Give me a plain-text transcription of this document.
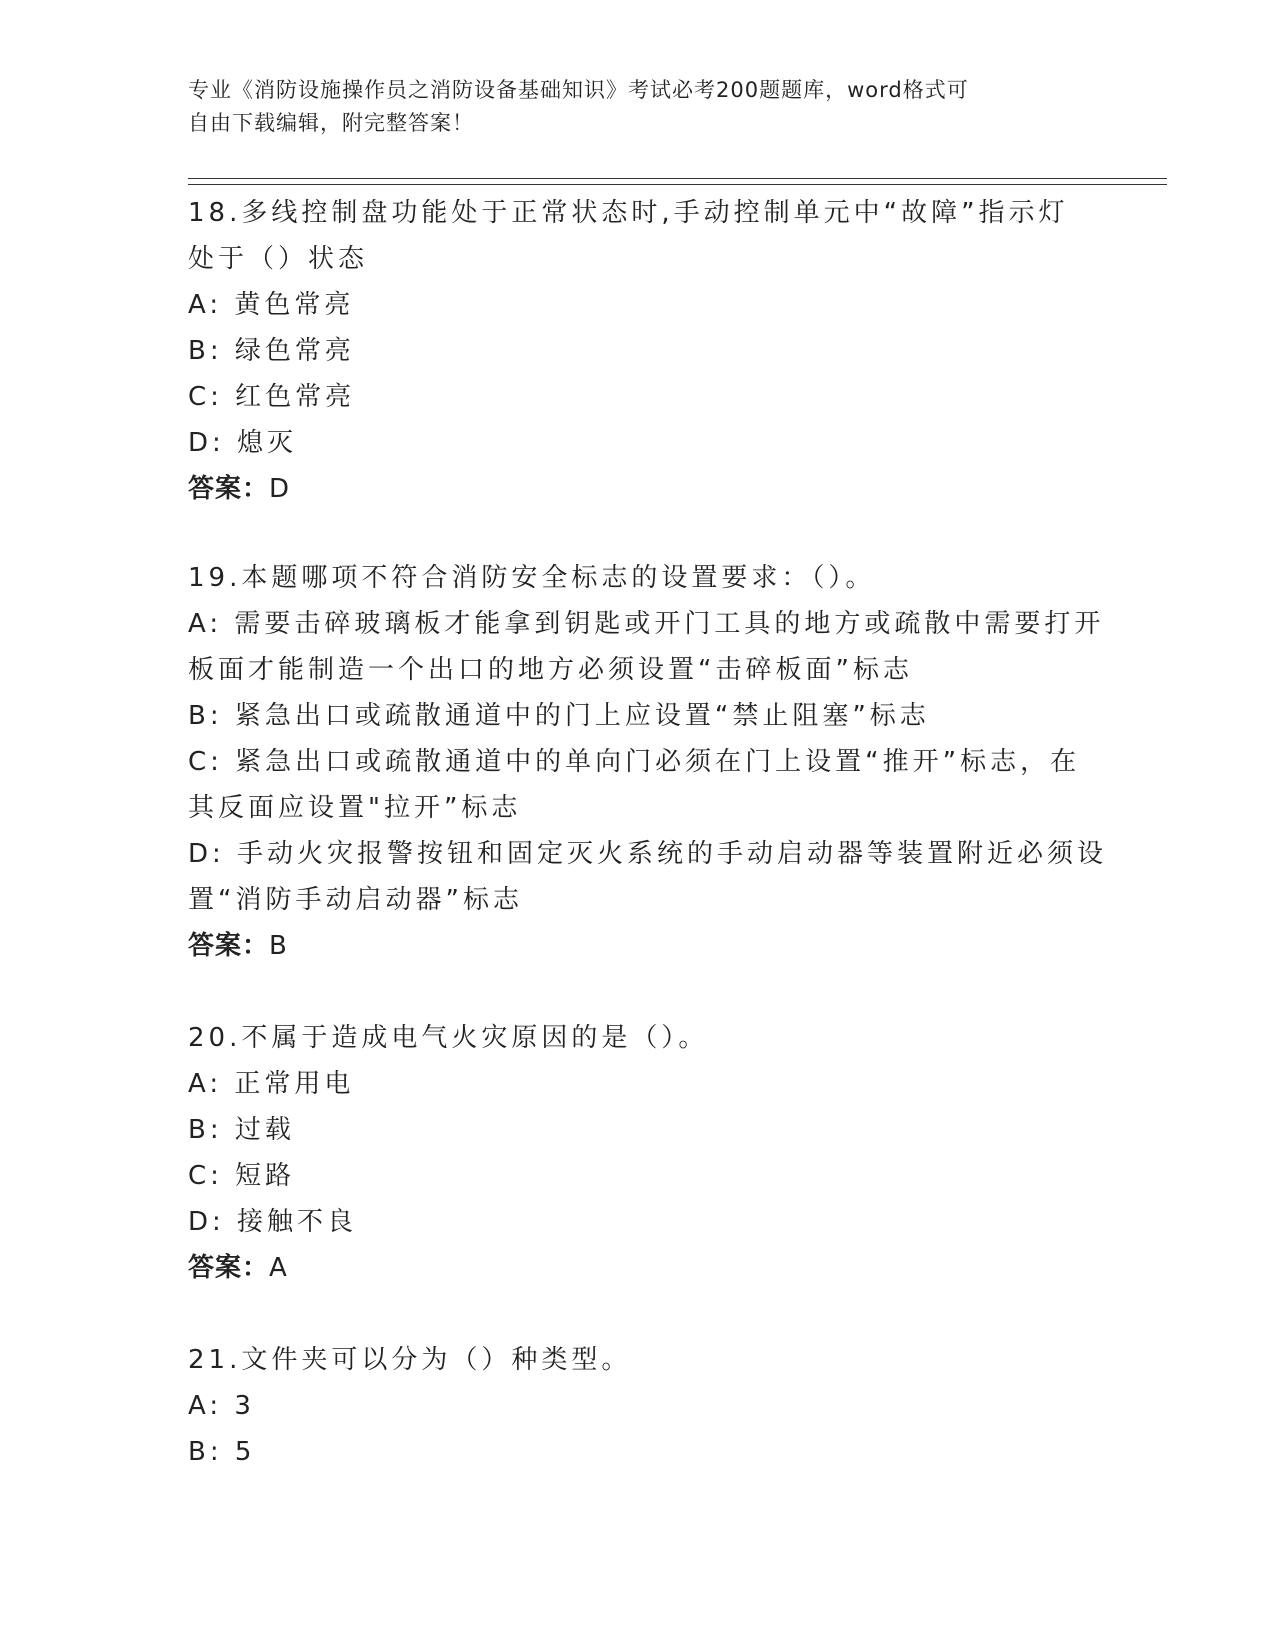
专业《消防设施操作员之消防设备基础知识》考试必考200题题库，word格式可
自由下载编辑，附完整答案！
18.多线控制盘功能处于正常状态时,手动控制单元中“故障”指示灯
处于（）状态
A: 黄色常亮
B: 绿色常亮
C: 红色常亮
D: 熄灭
答案：D
19.本题哪项不符合消防安全标志的设置要求：（）。
A: 需要击碎玻璃板才能拿到钥匙或开门工具的地方或疏散中需要打开
板面才能制造一个出口的地方必须设置“击碎板面”标志
B: 紧急出口或疏散通道中的门上应设置“禁止阻塞”标志
C: 紧急出口或疏散通道中的单向门必须在门上设置“推开”标志，在
其反面应设置"拉开”标志
D: 手动火灾报警按钮和固定灭火系统的手动启动器等装置附近必须设
置“消防手动启动器”标志
答案：B
20.不属于造成电气火灾原因的是（）。
A: 正常用电
B: 过载
C: 短路
D: 接触不良
答案：A
21.文件夹可以分为（）种类型。
A: 3
B: 5
